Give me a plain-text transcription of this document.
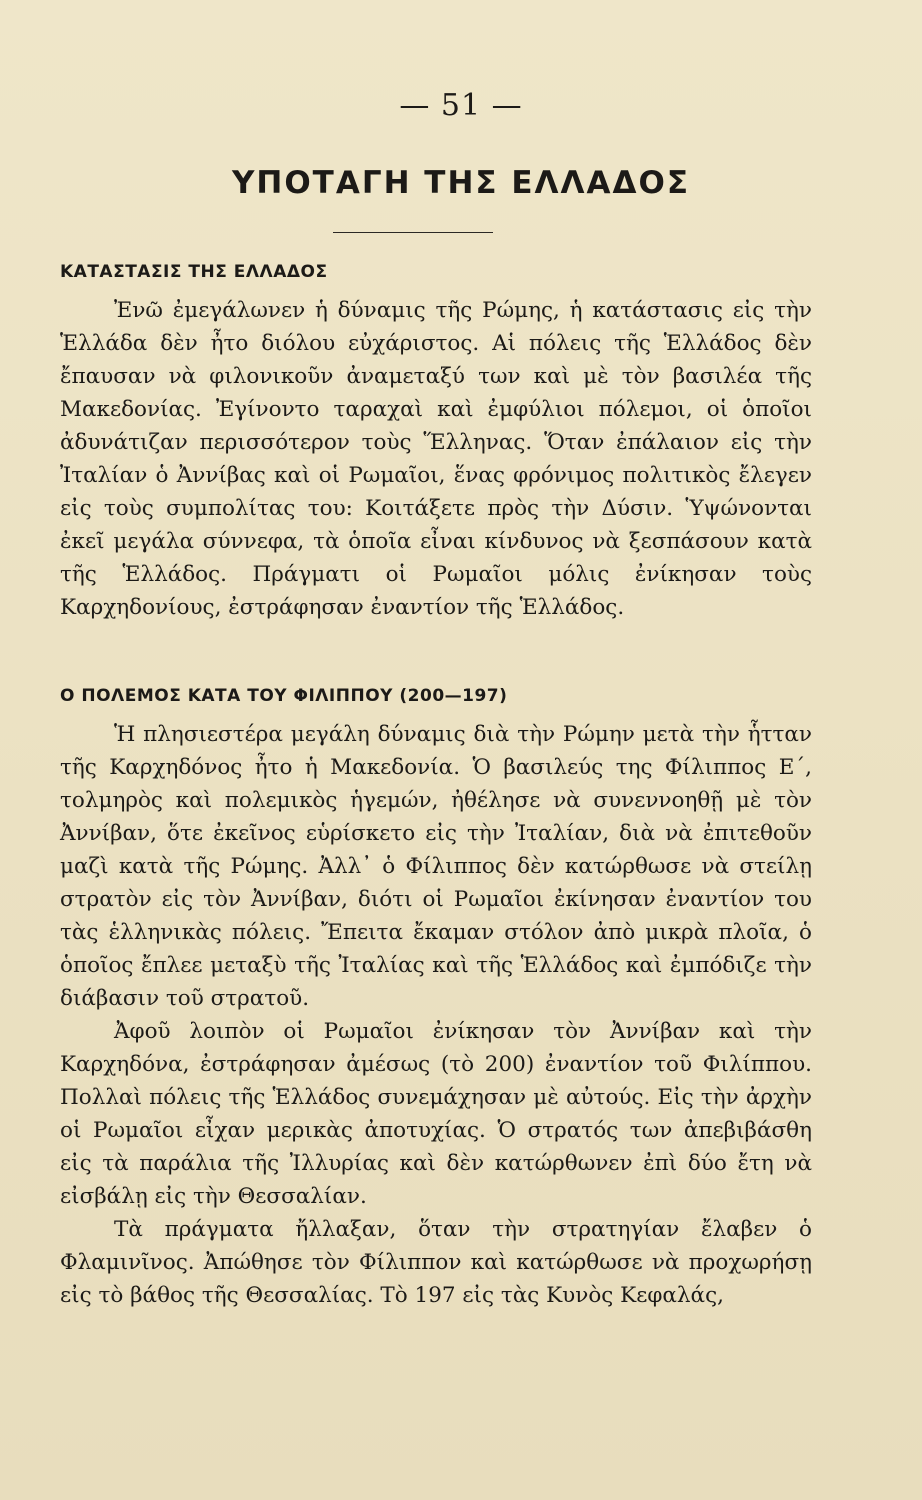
— 51 —
ΥΠΟΤΑΓΗ ΤΗΣ ΕΛΛΑΔΟΣ
ΚΑΤΑΣΤΑΣΙΣ ΤΗΣ ΕΛΛΑΔΟΣ

Ἐνῶ ἐμεγάλωνεν ἡ δύναμις τῆς Ρώμης, ἡ κατάστασις εἰς τὴν Ἑλλάδα δὲν ἦτο διόλου εὐχάριστος. Αἱ πόλεις τῆς Ἑλλάδος δὲν ἔπαυσαν νὰ φιλονικοῦν ἀναμεταξύ των καὶ μὲ τὸν βασιλέα τῆς Μακεδονίας. Ἐγίνοντο ταραχαὶ καὶ ἐμφύλιοι πόλεμοι, οἱ ὁποῖοι ἀδυνάτιζαν περισσότερον τοὺς Ἕλληνας. Ὅταν ἐπάλαιον εἰς τὴν Ἰταλίαν ὁ Ἀννίβας καὶ οἱ Ρωμαῖοι, ἕνας φρόνιμος πολιτικὸς ἔλεγεν εἰς τοὺς συμπολίτας του: Κοιτάξετε πρὸς τὴν Δύσιν. Ὑψώνονται ἐκεῖ μεγάλα σύννεφα, τὰ ὁποῖα εἶναι κίνδυνος νὰ ξεσπάσουν κατὰ τῆς Ἑλλάδος. Πράγματι οἱ Ρωμαῖοι μόλις ἐνίκησαν τοὺς Καρχηδονίους, ἐστράφησαν ἐναντίον τῆς Ἑλλάδος.

Ο ΠΟΛΕΜΟΣ ΚΑΤΑ ΤΟΥ ΦΙΛΙΠΠΟΥ (200—197)

Ἡ πλησιεστέρα μεγάλη δύναμις διὰ τὴν Ρώμην μετὰ τὴν ἧτταν τῆς Καρχηδόνος ἦτο ἡ Μακεδονία. Ὁ βασιλεύς της Φίλιππος Ε΄, τολμηρὸς καὶ πολεμικὸς ἡγεμών, ἠθέλησε νὰ συνεννοηθῇ μὲ τὸν Ἀννίβαν, ὅτε ἐκεῖνος εὑρίσκετο εἰς τὴν Ἰταλίαν, διὰ νὰ ἐπιτεθοῦν μαζὶ κατὰ τῆς Ρώμης. Ἀλλ᾽ ὁ Φίλιππος δὲν κατώρθωσε νὰ στείλῃ στρατὸν εἰς τὸν Ἀννίβαν, διότι οἱ Ρωμαῖοι ἐκίνησαν ἐναντίον του τὰς ἑλληνικὰς πόλεις. Ἔπειτα ἔκαμαν στόλον ἀπὸ μικρὰ πλοῖα, ὁ ὁποῖος ἔπλεε μεταξὺ τῆς Ἰταλίας καὶ τῆς Ἑλλάδος καὶ ἐμπόδιζε τὴν διάβασιν τοῦ στρατοῦ.

Ἀφοῦ λοιπὸν οἱ Ρωμαῖοι ἐνίκησαν τὸν Ἀννίβαν καὶ τὴν Καρχηδόνα, ἐστράφησαν ἀμέσως (τὸ 200) ἐναντίον τοῦ Φιλίππου. Πολλαὶ πόλεις τῆς Ἑλλάδος συνεμάχησαν μὲ αὐτούς. Εἰς τὴν ἀρχὴν οἱ Ρωμαῖοι εἶχαν μερικὰς ἀποτυχίας. Ὁ στρατός των ἀπεβιβάσθη εἰς τὰ παράλια τῆς Ἰλλυρίας καὶ δὲν κατώρθωνεν ἐπὶ δύο ἔτη νὰ εἰσβάλῃ εἰς τὴν Θεσσαλίαν.

Τὰ πράγματα ἤλλαξαν, ὅταν τὴν στρατηγίαν ἔλαβεν ὁ Φλαμινῖνος. Ἀπώθησε τὸν Φίλιππον καὶ κατώρθωσε νὰ προχωρήσῃ εἰς τὸ βάθος τῆς Θεσσαλίας. Τὸ 197 εἰς τὰς Κυνὸς Κεφαλάς,
